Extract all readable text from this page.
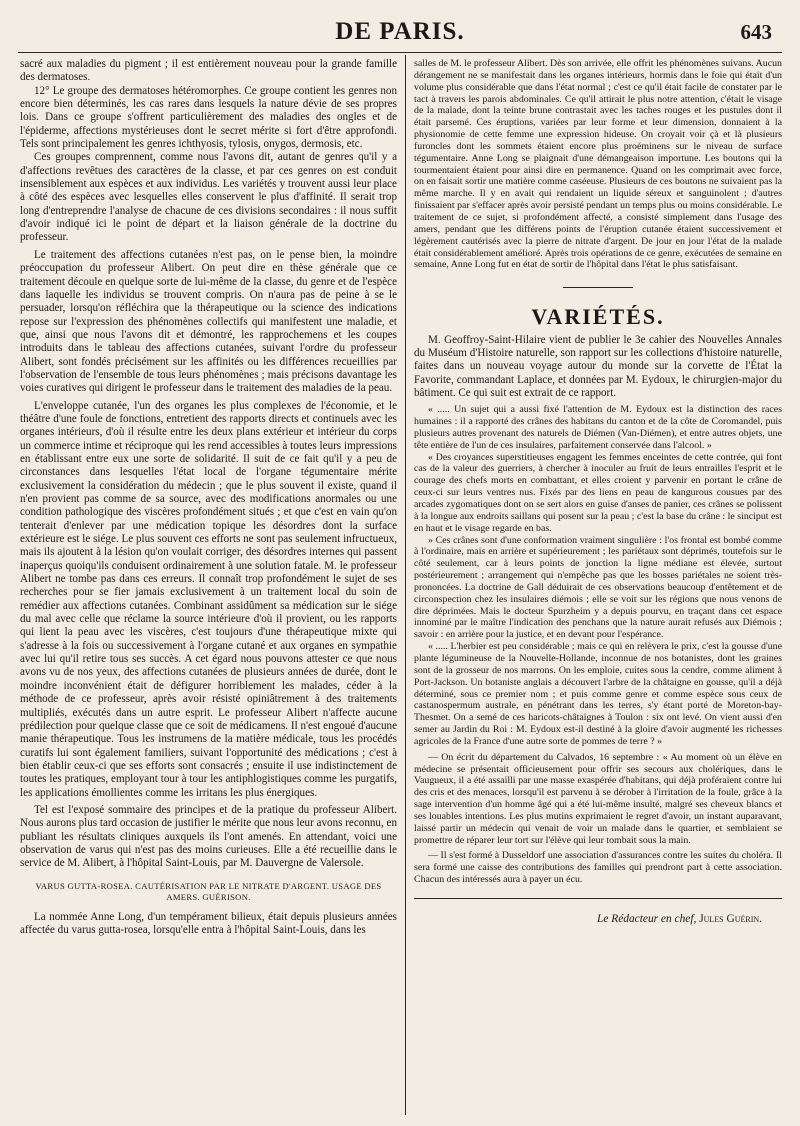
DE PARIS.	643

sacré aux maladies du pigment ; il est entièrement nouveau pour la grande famille des dermatoses.

12° Le groupe des dermatoses hétéromorphes. Ce groupe contient les genres non encore bien déterminés, les cas rares dans lesquels la nature dévie de ses propres lois. Dans ce groupe s'offrent particulièrement des maladies des ongles et de l'épiderme, affections mystérieuses dont le secret mérite si fort d'être approfondi. Tels sont principalement les genres ichthyosis, tylosis, onygos, dermosis, etc.

Ces groupes comprennent, comme nous l'avons dit, autant de genres qu'il y a d'affections revêtues des caractères de la classe, et par ces genres on est conduit insensiblement aux espèces et aux individus. Les variétés y trouvent aussi leur place à côté des espèces avec lesquelles elles conservent le plus d'affinité. Il serait trop long d'entreprendre l'analyse de chacune de ces divisions secondaires : il nous suffit d'avoir indiqué ici le point de départ et la liaison générale de la doctrine du professeur.

Le traitement des affections cutanées n'est pas, on le pense bien, la moindre préoccupation du professeur Alibert. On peut dire en thèse générale que ce traitement découle en quelque sorte de lui-même de la classe, du genre et de l'espèce dans laquelle les individus se trouvent compris. On n'aura pas de peine à se le persuader, lorsqu'on réfléchira que la thérapeutique ou la science des indications repose sur l'expression des phénomènes collectifs qui manifestent une maladie, et que, ainsi que nous l'avons dit et démontré, les rapprochemens et les coupes introduits dans le tableau des affections cutanées, suivant l'ordre du professeur Alibert, sont fondés précisément sur les affinités ou les différences recueillies par l'observation de l'ensemble de tous leurs phénomènes ; mais précisons davantage les voies curatives qui dirigent le professeur dans le traitement des maladies de la peau.

L'enveloppe cutanée, l'un des organes les plus complexes de l'économie, et le théâtre d'une foule de fonctions, entretient des rapports directs et continuels avec les organes intérieurs, d'où il résulte entre les deux plans extérieur et intérieur du corps un commerce intime et réciproque qui les rend accessibles à toutes leurs impressions en établissant entre eux une sorte de solidarité. Il suit de ce fait qu'il y a peu de circonstances dans lesquelles l'état local de l'organe tégumentaire mérite exclusivement la considération du médecin ; que le plus souvent il existe, quand il n'en provient pas comme de sa source, avec des modifications anormales ou une condition pathologique des viscères profondément situés ; et que c'est en vain qu'on tenterait d'enlever par une médication topique les désordres dont la surface extérieure est le siége. Le plus souvent ces efforts ne sont pas seulement infructueux, mais ils ajoutent à la lésion qu'on voulait corriger, des désordres internes qui passent inaperçus quoiqu'ils conduisent ordinairement à une solution fatale. M. le professeur Alibert ne tombe pas dans ces erreurs. Il connaît trop profondément le sujet de ses recherches pour se fier jamais exclusivement à un traitement local du soin de remédier aux affections cutanées. Combinant assidûment sa médication sur le siége du mal avec celle que réclame la source intérieure d'où il provient, ou les rapports qui lient la peau avec les viscères, c'est toujours d'une thérapeutique mixte qui s'adresse à la fois ou successivement à l'organe cutané et aux organes en sympathie avec lui qu'il retire tous ses succès. A cet égard nous pouvons attester ce que nous avons vu de nos yeux, des affections cutanées de plusieurs années de durée, dont le moindre inconvénient était de défigurer horriblement les malades, céder à la méthode de ce professeur, après avoir résisté opiniâtrement à des traitements multipliés, exécutés dans un autre esprit. Le professeur Alibert n'affecte aucune prédilection pour quelque classe que ce soit de médicamens. Il n'est engoué d'aucune manie thérapeutique. Tous les instrumens de la matière médicale, tous les procédés curatifs lui sont également familiers, suivant l'opportunité des médications ; c'est à bien établir ceux-ci que ses efforts sont consacrés ; ensuite il use indistinctement de toutes les pratiques, employant tour à tour les antiphlogistiques comme les purgatifs, les applications émollientes comme les irritans les plus énergiques.

Tel est l'exposé sommaire des principes et de la pratique du professeur Alibert. Nous aurons plus tard occasion de justifier le mérite que nous leur avons reconnu, en publiant les résultats cliniques auxquels ils l'ont amenés. En attendant, voici une observation de varus qui n'est pas des moins curieuses. Elle a été recueillie dans le service de M. Alibert, à l'hôpital Saint-Louis, par M. Dauvergne de Valersole.

VARUS GUTTA-ROSEA. CAUTÉRISATION PAR LE NITRATE D'ARGENT. USAGE DES AMERS. GUÉRISON.

La nommée Anne Long, d'un tempérament bilieux, était depuis plusieurs années affectée du varus gutta-rosea, lorsqu'elle entra à l'hôpital Saint-Louis, dans les

salles de M. le professeur Alibert. Dès son arrivée, elle offrit les phénomènes suivans. Aucun dérangement ne se manifestait dans les organes intérieurs, hormis dans le foie qui était d'un volume plus considérable que dans l'état normal ; c'est ce qu'il était facile de constater par le tact à travers les parois abdominales. Ce qu'il attirait le plus notre attention, c'était le visage de la malade, dont la teinte brune contrastait avec les taches rouges et les pustules dont il était parsemé. Ces éruptions, variées par leur forme et leur dimension, donnaient à la physionomie de cette femme une expression hideuse. On croyait voir çà et là plusieurs furoncles dont les sommets étaient encore plus proéminens sur le niveau de surface tégumentaire. Anne Long se plaignait d'une démangeaison importune. Les boutons qui la tourmentaient étaient pour ainsi dire en permanence. Quand on les comprimait avec force, on en faisait sortir une matière comme caséeuse. Plusieurs de ces boutons ne suivaient pas la même marche. Il y en avait qui rendaient un liquide séreux et sanguinolent ; d'autres finissaient par s'effacer après avoir persisté pendant un temps plus ou moins considérable. Le traitement de ce sujet, si profondément affecté, a consisté simplement dans l'usage des amers, pendant que les différens points de l'éruption cutanée étaient successivement et légèrement cautérisés avec la pierre de nitrate d'argent. De jour en jour l'état de la malade était considérablement amélioré. Après trois opérations de ce genre, exécutées de semaine en semaine, Anne Long fut en état de sortir de l'hôpital dans l'état le plus satisfaisant.

VARIÉTÉS.

M. Geoffroy-Saint-Hilaire vient de publier le 3e cahier des Nouvelles Annales du Muséum d'Histoire naturelle, son rapport sur les collections d'histoire naturelle, faites dans un nouveau voyage autour du monde sur la corvette de l'État la Favorite, commandant Laplace, et données par M. Eydoux, le chirurgien-major du bâtiment. Ce qui suit est extrait de ce rapport.

« ..... Un sujet qui a aussi fixé l'attention de M. Eydoux est la distinction des races humaines : il a rapporté des crânes des habitans du canton et de la côte de Coromandel, puis plusieurs autres provenant des naturels de Diémen (Van-Diémen), et entre autres objets, une tête entière de l'un de ces insulaires, parfaitement conservée dans l'alcool. »

« Des croyances superstitieuses engagent les femmes enceintes de cette contrée, qui font cas de la valeur des guerriers, à chercher à inoculer au fruit de leurs entrailles l'esprit et le courage des chefs morts en combattant, et elles croient y parvenir en portant le crâne de ceux-ci sur leurs ventres nus. Fixés par des liens en peau de kangurous cousues par des arcades zygomatiques dont on se sert alors en guise d'anses de panier, ces crânes se polissent à la longue aux endroits saillans qui posent sur la peau ; c'est la base du crâne : le sinciput est en haut et le visage regarde en bas.

» Ces crânes sont d'une conformation vraiment singulière : l'os frontal est bombé comme à l'ordinaire, mais en arrière et supérieurement ; les pariétaux sont déprimés, toutefois sur le côté seulement, car à leurs points de jonction la ligne médiane est élevée, surtout postérieurement ; arrangement qui n'empêche pas que les bosses pariétales ne soient très-prononcées. La doctrine de Gall déduirait de ces observations beaucoup d'entêtement et de circonspection chez les insulaires diémois ; elle se voit sur les régions que nous venons de dire déprimées. Mais le docteur Spurzheim y a depuis pourvu, en traçant dans cet espace innominé par le maître l'indication des penchans que la nature aurait refusés aux Diémois ; savoir : en arrière pour la justice, et en devant pour l'espérance.

« ..... L'herbier est peu considérable ; mais ce qui en relèvera le prix, c'est la gousse d'une plante légumineuse de la Nouvelle-Hollande, inconnue de nos botanistes, dont les graines sont de la grosseur de nos marrons. On les emploie, cuites sous la cendre, comme aliment à Port-Jackson. Un botaniste anglais a découvert l'arbre de la châtaigne en gousse, qu'il a déjà déterminé, sous ce premier nom ; et puis comme genre et comme espèce sous ceux de castanospermum australe, en pénétrant dans les terres, s'y étant porté de Moreton-bay-Thesmet. On a semé de ces haricots-châtaignes à Toulon : six ont levé. On vient aussi d'en semer au Jardin du Roi : M. Eydoux est-il destiné à la gloire d'avoir augmenté les richesses agricoles de la France d'une autre sorte de pommes de terre ? »

— On écrit du département du Calvados, 16 septembre : « Au moment où un élève en médecine se présentait officieusement pour offrir ses secours aux cholériques, dans le Vaugueux, il a été assailli par une masse exaspérée d'habitans, qui déjà proféraient contre lui des cris et des menaces, lorsqu'il est parvenu à se dérober à l'irritation de la foule, grâce à la sage intervention d'un homme âgé qui a été lui-même insulté, malgré ses cheveux blancs et ses louables intentions. Les plus mutins exprimaient le regret d'avoir, un instant auparavant, laissé partir un médecin qui venait de voir un malade dans le quartier, et semblaient se promettre de réparer leur tort sur l'élève qui leur tombait sous la main.

— Il s'est formé à Dusseldorf une association d'assurances contre les suites du choléra. Il sera formé une caisse des contributions des familles qui prendront part à cette association. Chacun des intéressés aura à payer un écu.

Le Rédacteur en chef, Jules Guérin.
